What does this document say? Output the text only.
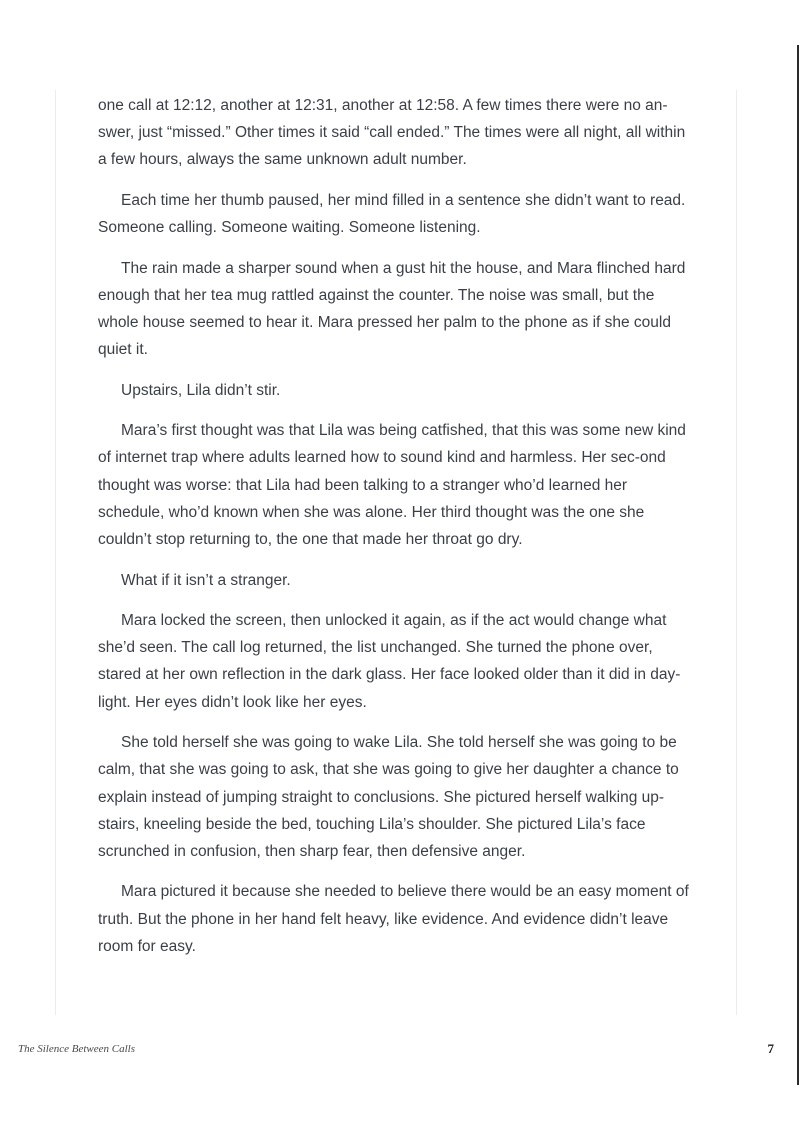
one call at 12:12, another at 12:31, another at 12:58. A few times there were no an-swer, just “missed.” Other times it said “call ended.” The times were all night, all within a few hours, always the same unknown adult number.

Each time her thumb paused, her mind filled in a sentence she didn’t want to read. Someone calling. Someone waiting. Someone listening.

The rain made a sharper sound when a gust hit the house, and Mara flinched hard enough that her tea mug rattled against the counter. The noise was small, but the whole house seemed to hear it. Mara pressed her palm to the phone as if she could quiet it.

Upstairs, Lila didn’t stir.

Mara’s first thought was that Lila was being catfished, that this was some new kind of internet trap where adults learned how to sound kind and harmless. Her sec-ond thought was worse: that Lila had been talking to a stranger who’d learned her schedule, who’d known when she was alone. Her third thought was the one she couldn’t stop returning to, the one that made her throat go dry.

What if it isn’t a stranger.

Mara locked the screen, then unlocked it again, as if the act would change what she’d seen. The call log returned, the list unchanged. She turned the phone over, stared at her own reflection in the dark glass. Her face looked older than it did in day-light. Her eyes didn’t look like her eyes.

She told herself she was going to wake Lila. She told herself she was going to be calm, that she was going to ask, that she was going to give her daughter a chance to explain instead of jumping straight to conclusions. She pictured herself walking up-stairs, kneeling beside the bed, touching Lila’s shoulder. She pictured Lila’s face scrunched in confusion, then sharp fear, then defensive anger.

Mara pictured it because she needed to believe there would be an easy moment of truth. But the phone in her hand felt heavy, like evidence. And evidence didn’t leave room for easy.

The Silence Between Calls	7
